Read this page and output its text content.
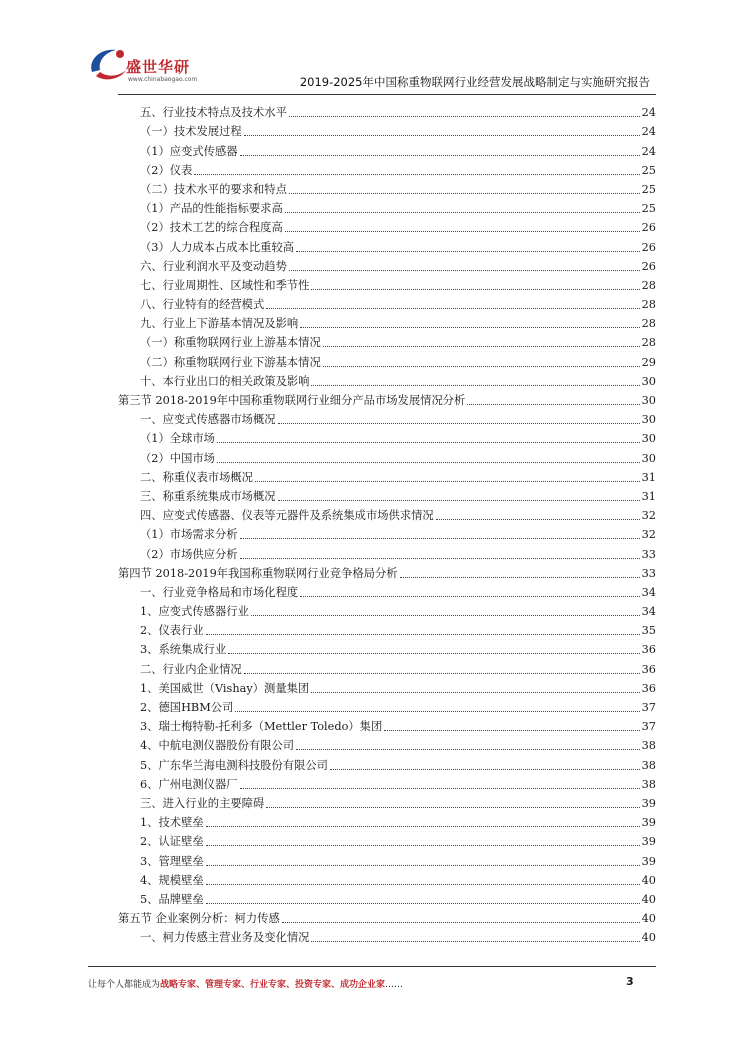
盛世华研
www.chinabaogao.com	2019-2025年中国称重物联网行业经营发展战略制定与实施研究报告
五、行业技术特点及技术水平	24
（一）技术发展过程	24
（1）应变式传感器	24
（2）仪表	25
（二）技术水平的要求和特点	25
（1）产品的性能指标要求高	25
（2）技术工艺的综合程度高	26
（3）人力成本占成本比重较高	26
六、行业利润水平及变动趋势	26
七、行业周期性、区域性和季节性	28
八、行业特有的经营模式	28
九、行业上下游基本情况及影响	28
（一）称重物联网行业上游基本情况	28
（二）称重物联网行业下游基本情况	29
十、本行业出口的相关政策及影响	30
第三节 2018-2019年中国称重物联网行业细分产品市场发展情况分析	30
一、应变式传感器市场概况	30
（1）全球市场	30
（2）中国市场	30
二、称重仪表市场概况	31
三、称重系统集成市场概况	31
四、应变式传感器、仪表等元器件及系统集成市场供求情况	32
（1）市场需求分析	32
（2）市场供应分析	33
第四节 2018-2019年我国称重物联网行业竞争格局分析	33
一、行业竞争格局和市场化程度	34
1、应变式传感器行业	34
2、仪表行业	35
3、系统集成行业	36
二、行业内企业情况	36
1、美国威世（Vishay）测量集团	36
2、德国HBM公司	37
3、瑞士梅特勒-托利多（Mettler Toledo）集团	37
4、中航电测仪器股份有限公司	38
5、广东华兰海电测科技股份有限公司	38
6、广州电测仪器厂	38
三、进入行业的主要障碍	39
1、技术壁垒	39
2、认证壁垒	39
3、管理壁垒	39
4、规模壁垒	40
5、品牌壁垒	40
第五节 企业案例分析：柯力传感	40
一、柯力传感主营业务及变化情况	40
让每个人都能成为战略专家、管理专家、行业专家、投资专家、成功企业家……	3
